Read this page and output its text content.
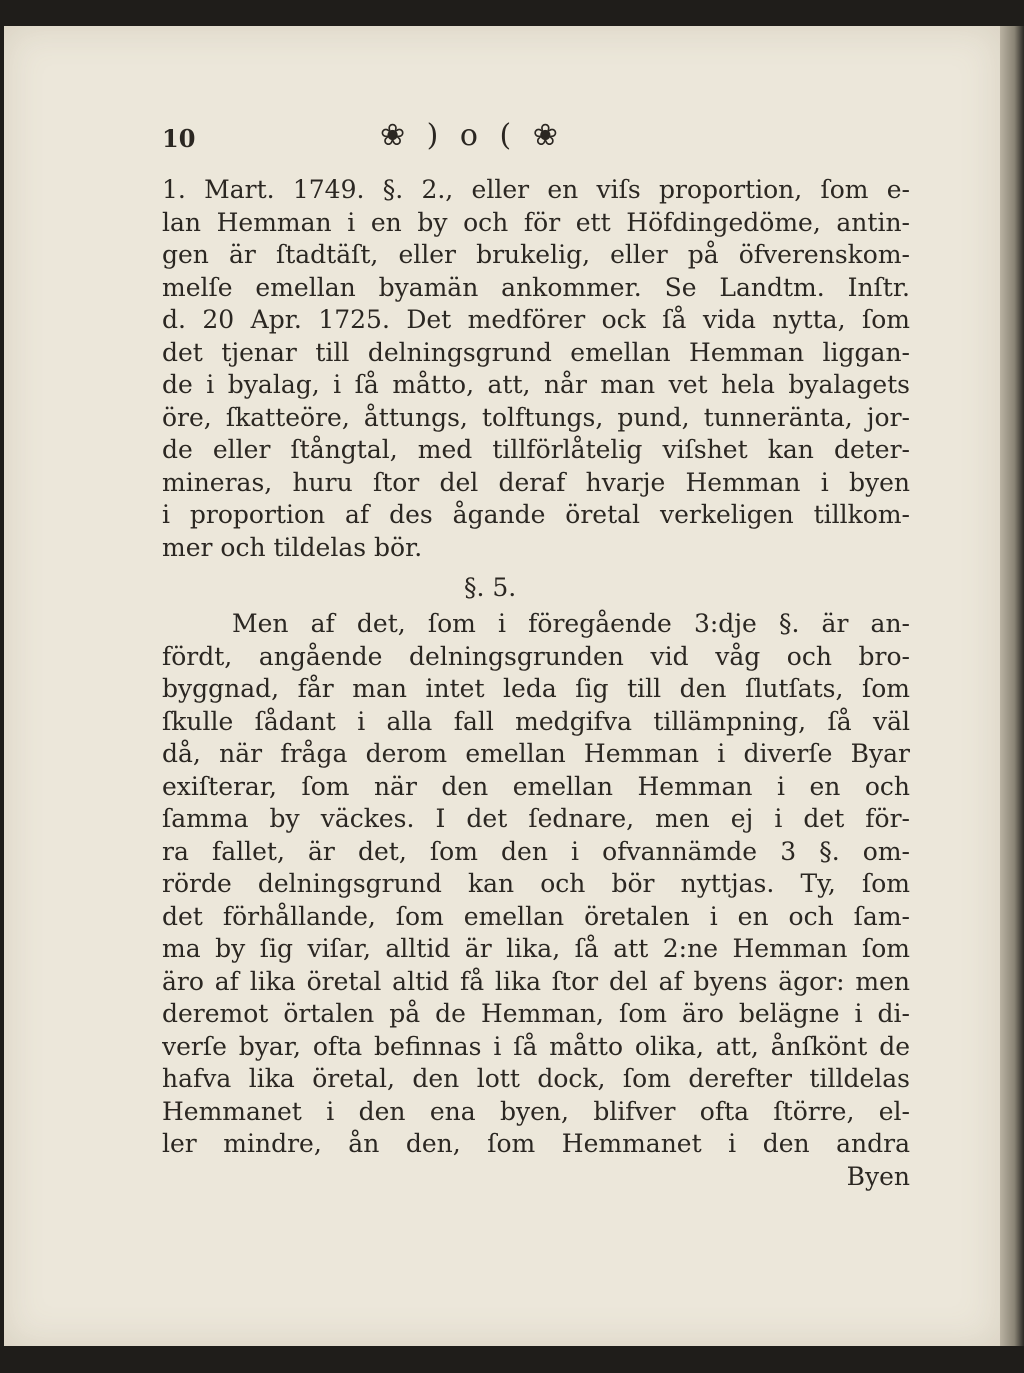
10	❀ ) o ( ❀
1. Mart. 1749. §. 2., eller en viſs proportion, ſom e-
lan Hemman i en by och för ett Höfdingedöme, antin-
gen är ſtadtäſt, eller brukelig, eller på öfverenskom-
melſe emellan byamän ankommer. Se Landtm. Inſtr.
d. 20 Apr. 1725. Det medförer ock ſå vida nytta, ſom
det tjenar till delningsgrund emellan Hemman liggan-
de i byalag, i ſå måtto, att, når man vet hela byalagets
öre, ſkatteöre, åttungs, tolftungs, pund, tunneränta, jor-
de eller ſtångtal, med tillförlåtelig viſshet kan deter-
mineras, huru ſtor del deraf hvarje Hemman i byen
i proportion af des ågande öretal verkeligen tillkom-
mer och tildelas bör.
§. 5.
Men af det, ſom i föregående 3:dje §. är an-
fördt, angående delningsgrunden vid våg och bro-
byggnad, får man intet leda ſig till den ſlutſats, ſom
ſkulle ſådant i alla fall medgifva tillämpning, ſå väl
då, när fråga derom emellan Hemman i diverſe Byar
exiſterar, ſom när den emellan Hemman i en och
ſamma by väckes. I det ſednare, men ej i det för-
ra fallet, är det, ſom den i ofvannämde 3 §. om-
rörde delningsgrund kan och bör nyttjas. Ty, ſom
det förhållande, ſom emellan öretalen i en och ſam-
ma by ſig viſar, alltid är lika, ſå att 2:ne Hemman ſom
äro af lika öretal altid få lika ſtor del af byens ägor: men
deremot örtalen på de Hemman, ſom äro belägne i di-
verſe byar, ofta befinnas i ſå måtto olika, att, ånſkönt de
hafva lika öretal, den lott dock, ſom derefter tilldelas
Hemmanet i den ena byen, blifver ofta ſtörre, el-
ler mindre, ån den, ſom Hemmanet i den andra
Byen
